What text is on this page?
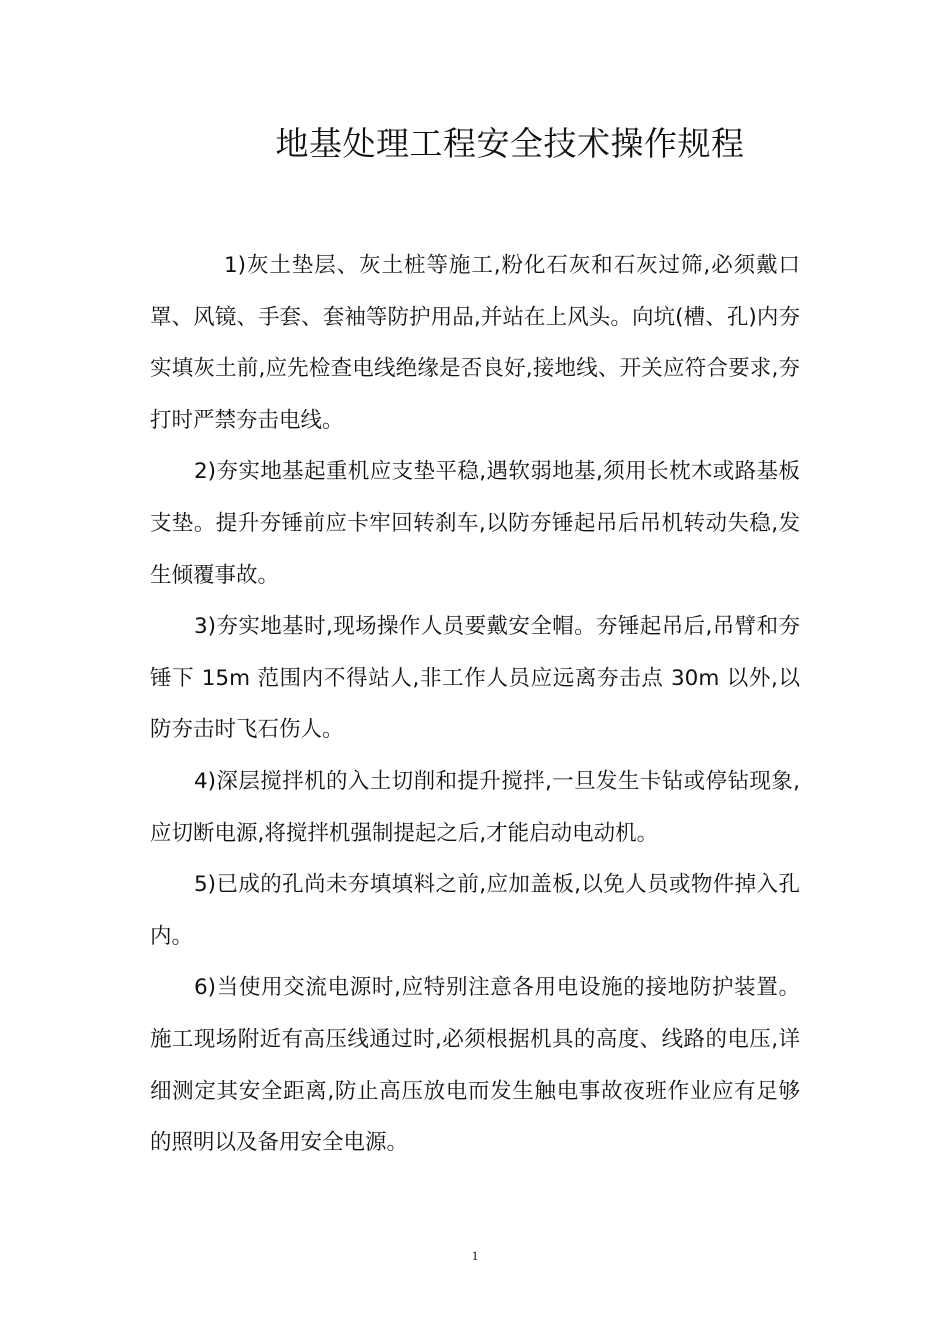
地基处理工程安全技术操作规程

1)灰土垫层、灰土桩等施工,粉化石灰和石灰过筛,必须戴口罩、风镜、手套、套袖等防护用品,并站在上风头。向坑(槽、孔)内夯实填灰土前,应先检查电线绝缘是否良好,接地线、开关应符合要求,夯打时严禁夯击电线。

2)夯实地基起重机应支垫平稳,遇软弱地基,须用长枕木或路基板支垫。提升夯锤前应卡牢回转刹车,以防夯锤起吊后吊机转动失稳,发生倾覆事故。

3)夯实地基时,现场操作人员要戴安全帽。夯锤起吊后,吊臂和夯锤下 15m 范围内不得站人,非工作人员应远离夯击点 30m 以外,以防夯击时飞石伤人。

4)深层搅拌机的入土切削和提升搅拌,一旦发生卡钻或停钻现象,应切断电源,将搅拌机强制提起之后,才能启动电动机。

5)已成的孔尚未夯填填料之前,应加盖板,以免人员或物件掉入孔内。

6)当使用交流电源时,应特别注意各用电设施的接地防护装置。施工现场附近有高压线通过时,必须根据机具的高度、线路的电压,详细测定其安全距离,防止高压放电而发生触电事故夜班作业应有足够的照明以及备用安全电源。

1
